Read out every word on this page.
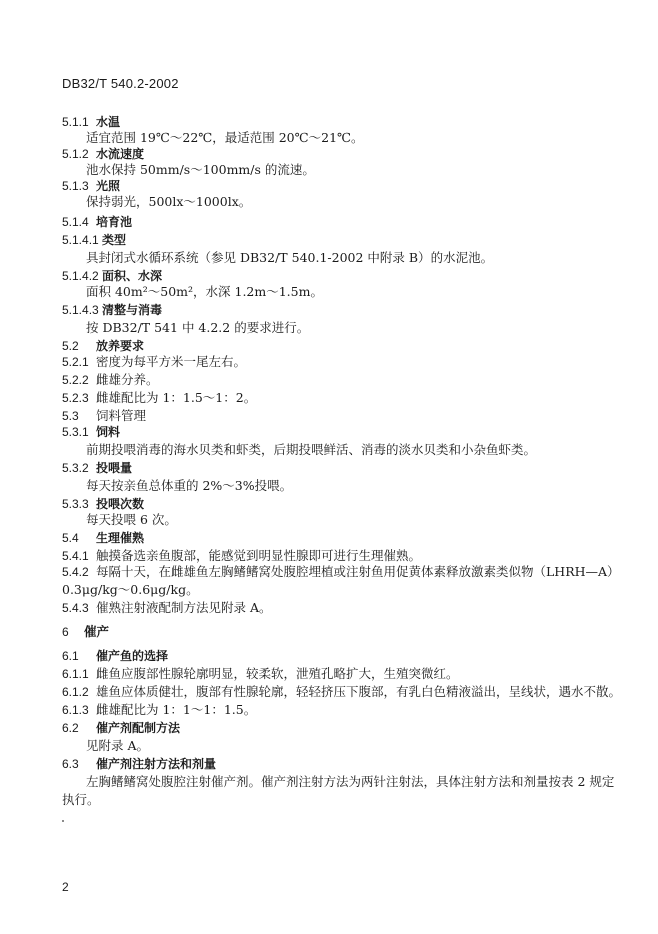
DB32/T 540.2-2002
5.1.1 水温
适宜范围 19℃～22℃，最适范围 20℃～21℃。
5.1.2 水流速度
池水保持 50mm/s～100mm/s 的流速。
5.1.3 光照
保持弱光，500lx～1000lx。
5.1.4 培育池
5.1.4.1 类型
具封闭式水循环系统（参见 DB32/T 540.1-2002 中附录 B）的水泥池。
5.1.4.2 面积、水深
面积 40m²～50m²，水深 1.2m～1.5m。
5.1.4.3 清整与消毒
按 DB32/T 541 中 4.2.2 的要求进行。
5.2 放养要求
5.2.1 密度为每平方米一尾左右。
5.2.2 雌雄分养。
5.2.3 雌雄配比为 1：1.5～1：2。
5.3 饲料管理
5.3.1 饲料
前期投喂消毒的海水贝类和虾类，后期投喂鲜活、消毒的淡水贝类和小杂鱼虾类。
5.3.2 投喂量
每天按亲鱼总体重的 2%～3%投喂。
5.3.3 投喂次数
每天投喂 6 次。
5.4 生理催熟
5.4.1 触摸备选亲鱼腹部，能感觉到明显性腺即可进行生理催熟。
5.4.2 每隔十天，在雌雄鱼左胸鳍鳍窝处腹腔埋植或注射鱼用促黄体素释放激素类似物（LHRH—A）
0.3μg/kg～0.6μg/kg。
5.4.3 催熟注射液配制方法见附录 A。
6 催产
6.1 催产鱼的选择
6.1.1 雌鱼应腹部性腺轮廓明显，较柔软，泄殖孔略扩大，生殖突微红。
6.1.2 雄鱼应体质健壮，腹部有性腺轮廓，轻轻挤压下腹部，有乳白色精液溢出，呈线状，遇水不散。
6.1.3 雌雄配比为 1：1～1：1.5。
6.2 催产剂配制方法
见附录 A。
6.3 催产剂注射方法和剂量
左胸鳍鳍窝处腹腔注射催产剂。催产剂注射方法为两针注射法，具体注射方法和剂量按表 2 规定
执行。
2
